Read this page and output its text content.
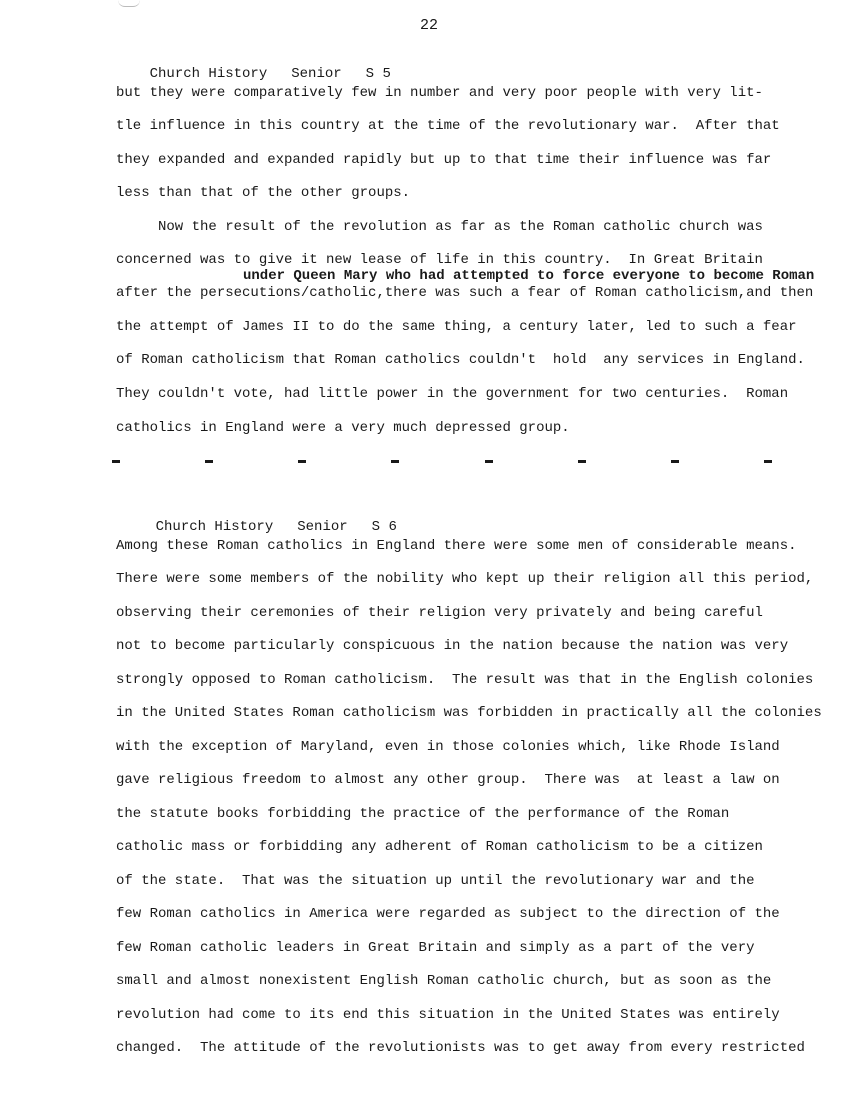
22

Church History Senior S 5

but they were comparatively few in number and very poor people with very lit-
tle influence in this country at the time of the revolutionary war.  After that
they expanded and expanded rapidly but up to that time their influence was far
less than that of the other groups.
Now the result of the revolution as far as the Roman catholic church was
concerned was to give it new lease of life in this country.  In Great Britain
under Queen Mary who had attempted to force everyone to become Roman
after the persecutions/catholic,there was such a fear of Roman catholicism,and then
the attempt of James II to do the same thing, a century later, led to such a fear
of Roman catholicism that Roman catholics couldn't  hold  any services in England.
They couldn't vote, had little power in the government for two centuries.  Roman
catholics in England were a very much depressed group.

Church History Senior S 6

Among these Roman catholics in England there were some men of considerable means.
There were some members of the nobility who kept up their religion all this period,
observing their ceremonies of their religion very privately and being careful
not to become particularly conspicuous in the nation because the nation was very
strongly opposed to Roman catholicism.  The result was that in the English colonies
in the United States Roman catholicism was forbidden in practically all the colonies
with the exception of Maryland, even in those colonies which, like Rhode Island
gave religious freedom to almost any other group.  There was  at least a law on
the statute books forbidding the practice of the performance of the Roman
catholic mass or forbidding any adherent of Roman catholicism to be a citizen
of the state.  That was the situation up until the revolutionary war and the
few Roman catholics in America were regarded as subject to the direction of the
few Roman catholic leaders in Great Britain and simply as a part of the very
small and almost nonexistent English Roman catholic church, but as soon as the
revolution had come to its end this situation in the United States was entirely
changed.  The attitude of the revolutionists was to get away from every restricted
